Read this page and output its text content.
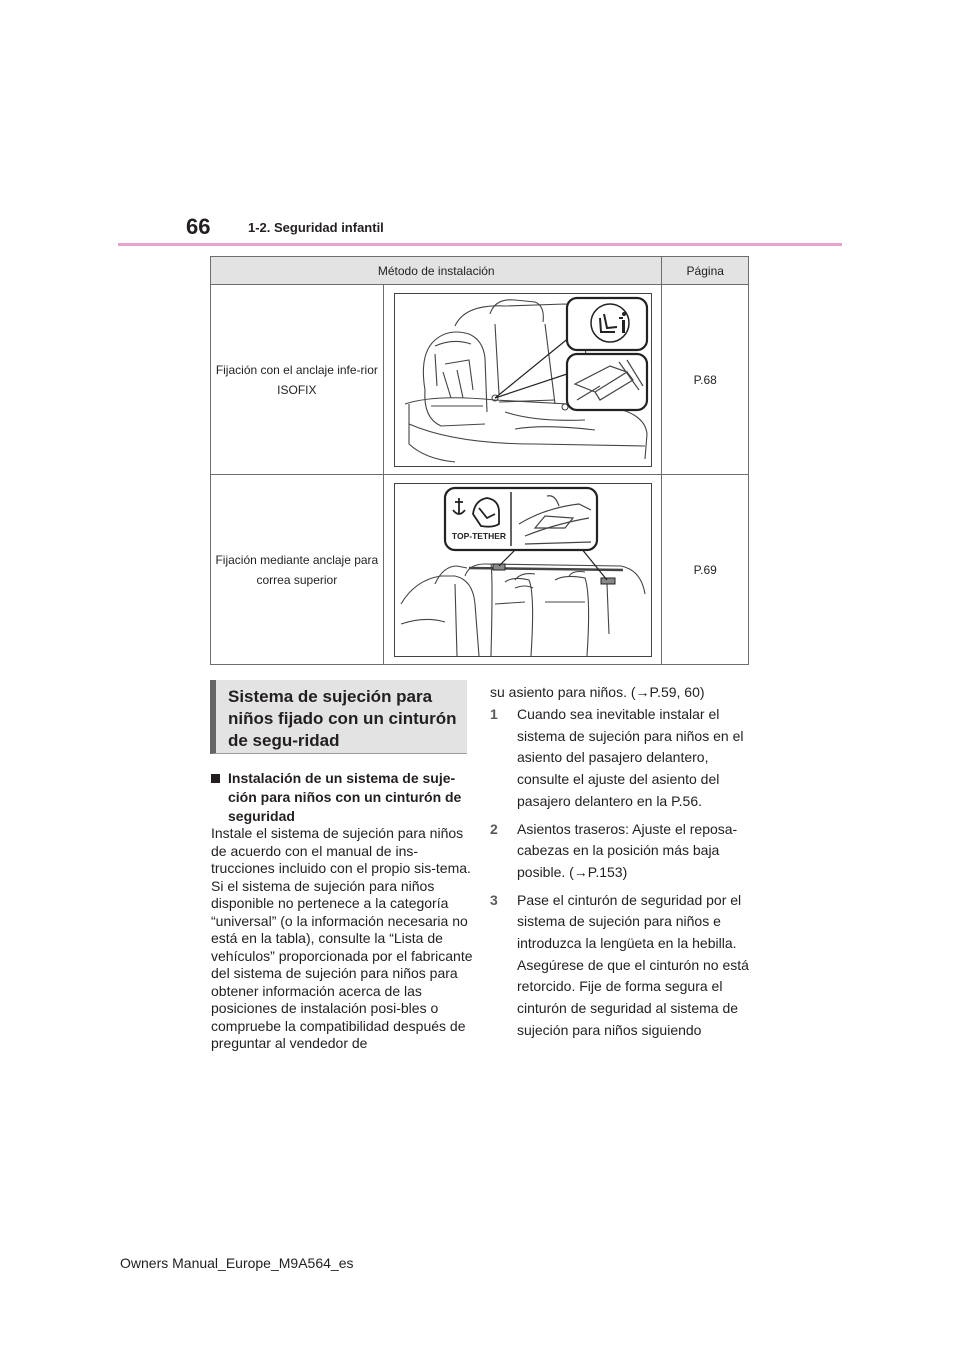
66	1-2. Seguridad infantil
Método de instalación		Página
Fijación con el anclaje infe-rior ISOFIX		P.68
Fijación mediante anclaje para correa superior	TOP-TETHER	P.69
Sistema de sujeción para niños fijado con un cinturón de segu-ridad
Instalación de un sistema de suje-ción para niños con un cinturón de seguridad
Instale el sistema de sujeción para niños de acuerdo con el manual de ins-trucciones incluido con el propio sis-tema.
Si el sistema de sujeción para niños disponible no pertenece a la categoría “universal” (o la información necesaria no está en la tabla), consulte la “Lista de vehículos” proporcionada por el fabricante del sistema de sujeción para niños para obtener información acerca de las posiciones de instalación posi-bles o compruebe la compatibilidad después de preguntar al vendedor de
su asiento para niños. (→P.59, 60)
1 Cuando sea inevitable instalar el sistema de sujeción para niños en el asiento del pasajero delantero, consulte el ajuste del asiento del pasajero delantero en la P.56.
2 Asientos traseros: Ajuste el reposa-cabezas en la posición más baja posible. (→P.153)
3 Pase el cinturón de seguridad por el sistema de sujeción para niños e introduzca la lengüeta en la hebilla. Asegúrese de que el cinturón no está retorcido. Fije de forma segura el cinturón de seguridad al sistema de sujeción para niños siguiendo
Owners Manual_Europe_M9A564_es
